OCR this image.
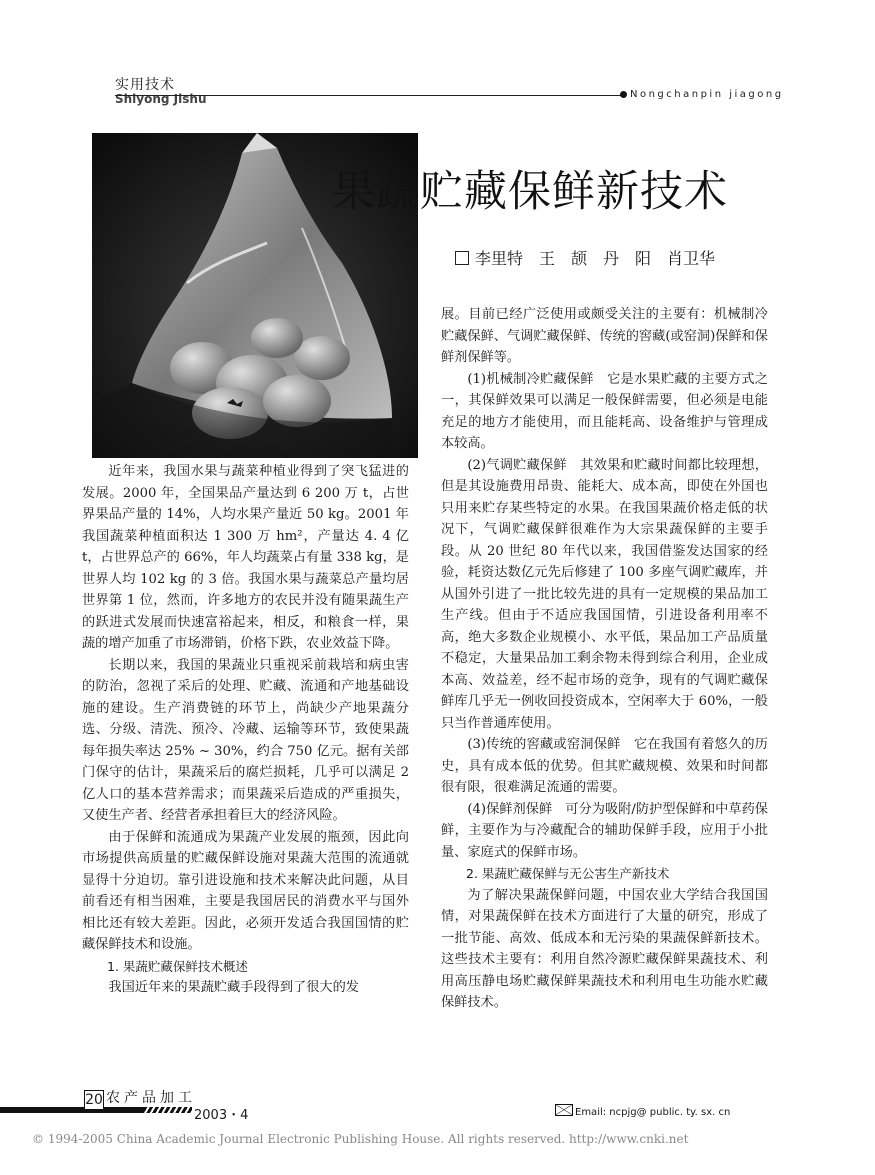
实用技术
Shiyong Jishu	Nongchanpin jiagong
果蔬贮藏保鲜新技术
李里特　王　颉　丹　阳　肖卫华

近年来，我国水果与蔬菜种植业得到了突飞猛进的发展。2000 年，全国果品产量达到 6 200 万 t，占世界果品产量的 14%，人均水果产量近 50 kg。2001 年我国蔬菜种植面积达 1 300 万 hm²，产量达 4. 4 亿 t，占世界总产的 66%，年人均蔬菜占有量 338 kg，是世界人均 102 kg 的 3 倍。我国水果与蔬菜总产量均居世界第 1 位，然而，许多地方的农民并没有随果蔬生产的跃进式发展而快速富裕起来，相反，和粮食一样，果蔬的增产加重了市场滞销，价格下跌，农业效益下降。

长期以来，我国的果蔬业只重视采前栽培和病虫害的防治，忽视了采后的处理、贮藏、流通和产地基础设施的建设。生产消费链的环节上，尚缺少产地果蔬分选、分级、清洗、预冷、冷藏、运输等环节，致使果蔬每年损失率达 25% ~ 30%，约合 750 亿元。据有关部门保守的估计，果蔬采后的腐烂损耗，几乎可以满足 2 亿人口的基本营养需求；而果蔬采后造成的严重损失，又使生产者、经营者承担着巨大的经济风险。

由于保鲜和流通成为果蔬产业发展的瓶颈，因此向市场提供高质量的贮藏保鲜设施对果蔬大范围的流通就显得十分迫切。靠引进设施和技术来解决此问题，从目前看还有相当困难，主要是我国居民的消费水平与国外相比还有较大差距。因此，必须开发适合我国国情的贮藏保鲜技术和设施。

1. 果蔬贮藏保鲜技术概述

我国近年来的果蔬贮藏手段得到了很大的发

展。目前已经广泛使用或颇受关注的主要有：机械制冷贮藏保鲜、气调贮藏保鲜、传统的窖藏(或窑洞)保鲜和保鲜剂保鲜等。

(1)机械制冷贮藏保鲜　它是水果贮藏的主要方式之一，其保鲜效果可以满足一般保鲜需要，但必须是电能充足的地方才能使用，而且能耗高、设备维护与管理成本较高。

(2)气调贮藏保鲜　其效果和贮藏时间都比较理想，但是其设施费用昂贵、能耗大、成本高，即使在外国也只用来贮存某些特定的水果。在我国果蔬价格走低的状况下，气调贮藏保鲜很难作为大宗果蔬保鲜的主要手段。从 20 世纪 80 年代以来，我国借鉴发达国家的经验，耗资达数亿元先后修建了 100 多座气调贮藏库，并从国外引进了一批比较先进的具有一定规模的果品加工生产线。但由于不适应我国国情，引进设备利用率不高，绝大多数企业规模小、水平低，果品加工产品质量不稳定，大量果品加工剩余物未得到综合利用，企业成本高、效益差，经不起市场的竞争，现有的气调贮藏保鲜库几乎无一例收回投资成本，空闲率大于 60%，一般只当作普通库使用。

(3)传统的窖藏或窑洞保鲜　它在我国有着悠久的历史，具有成本低的优势。但其贮藏规模、效果和时间都很有限，很难满足流通的需要。

(4)保鲜剂保鲜　可分为吸附/防护型保鲜和中草药保鲜，主要作为与冷藏配合的辅助保鲜手段，应用于小批量、家庭式的保鲜市场。

2. 果蔬贮藏保鲜与无公害生产新技术

为了解决果蔬保鲜问题，中国农业大学结合我国国情，对果蔬保鲜在技术方面进行了大量的研究，形成了一批节能、高效、低成本和无污染的果蔬保鲜新技术。这些技术主要有：利用自然冷源贮藏保鲜果蔬技术、利用高压静电场贮藏保鲜果蔬技术和利用电生功能水贮藏保鲜技术。

20 农产品加工
2003・4	Email: ncpjg@ public. ty. sx. cn
© 1994-2005 China Academic Journal Electronic Publishing House. All rights reserved. http://www.cnki.net
